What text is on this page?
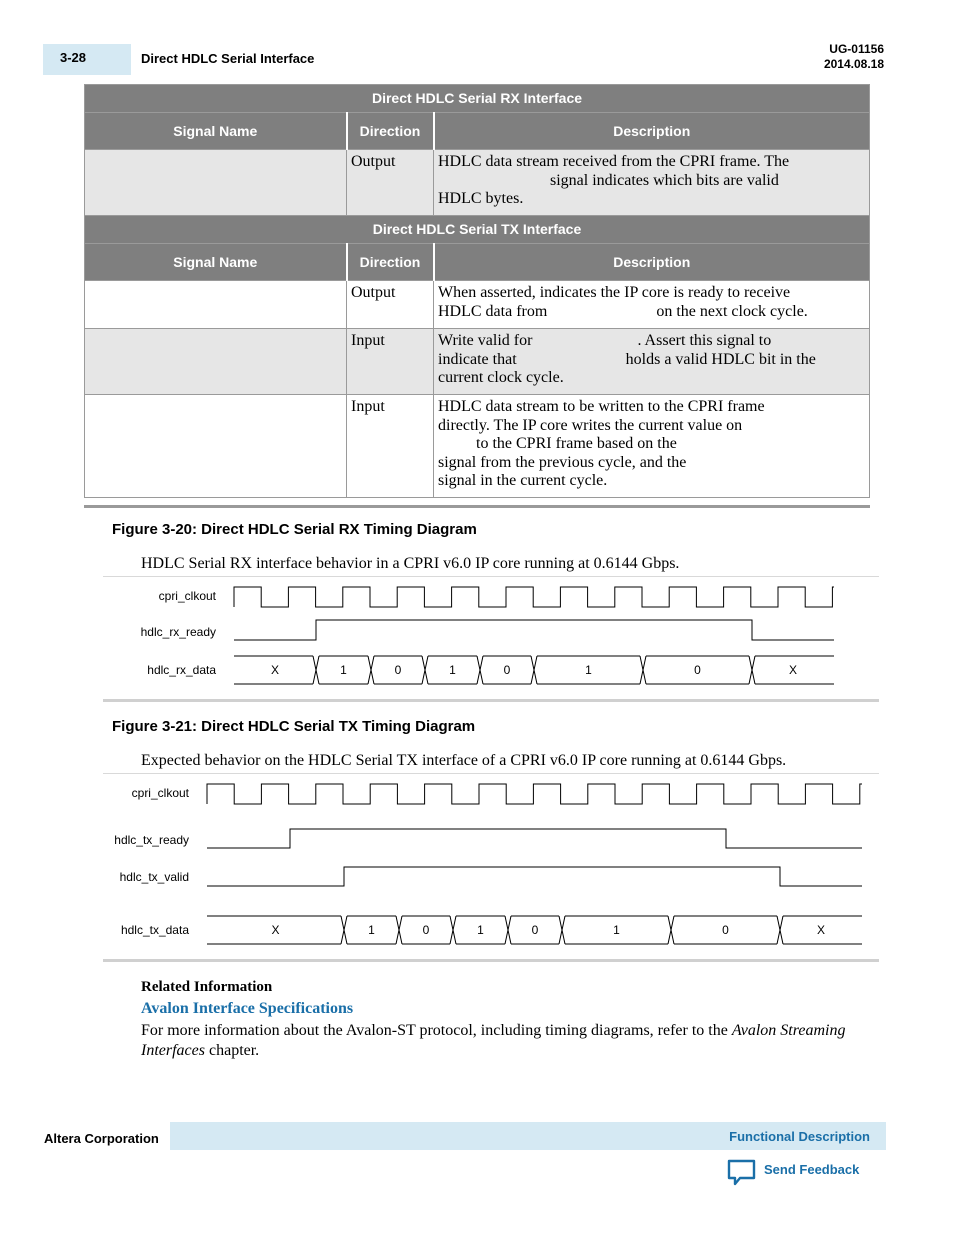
3-28	Direct HDLC Serial Interface
UG-01156
2014.08.18
Direct HDLC Serial RX Interface		
Signal Name	Direction	Description
	Output	HDLC data stream received from the CPRI frame. The
signal indicates which bits are valid
HDLC bytes.

Direct HDLC Serial TX Interface		
Signal Name	Direction	Description
	Output	When asserted, indicates the IP core is ready to receive
HDLC data from on the next clock cycle.

	Input	Write valid for . Assert this signal to
indicate that holds a valid HDLC bit in the
current clock cycle.

	Input	HDLC data stream to be written to the CPRI frame
directly. The IP core writes the current value on
to the CPRI frame based on the
signal from the previous cycle, and the
signal in the current cycle.
Figure 3-20: Direct HDLC Serial RX Timing Diagram
HDLC Serial RX interface behavior in a CPRI v6.0 IP core running at 0.6144 Gbps.
cpri_clkout
hdlc_rx_ready
hdlc_rx_data	X	1	0	1	0	1	0	X
Figure 3-21: Direct HDLC Serial TX Timing Diagram
Expected behavior on the HDLC Serial TX interface of a CPRI v6.0 IP core running at 0.6144 Gbps.
cpri_clkout
hdlc_tx_ready
hdlc_tx_valid
hdlc_tx_data	X	1	0	1	0	1	0	X
Related Information
Avalon Interface Specifications
For more information about the Avalon-ST protocol, including timing diagrams, refer to the Avalon Streaming Interfaces chapter.
Altera Corporation	Functional Description
Send Feedback
